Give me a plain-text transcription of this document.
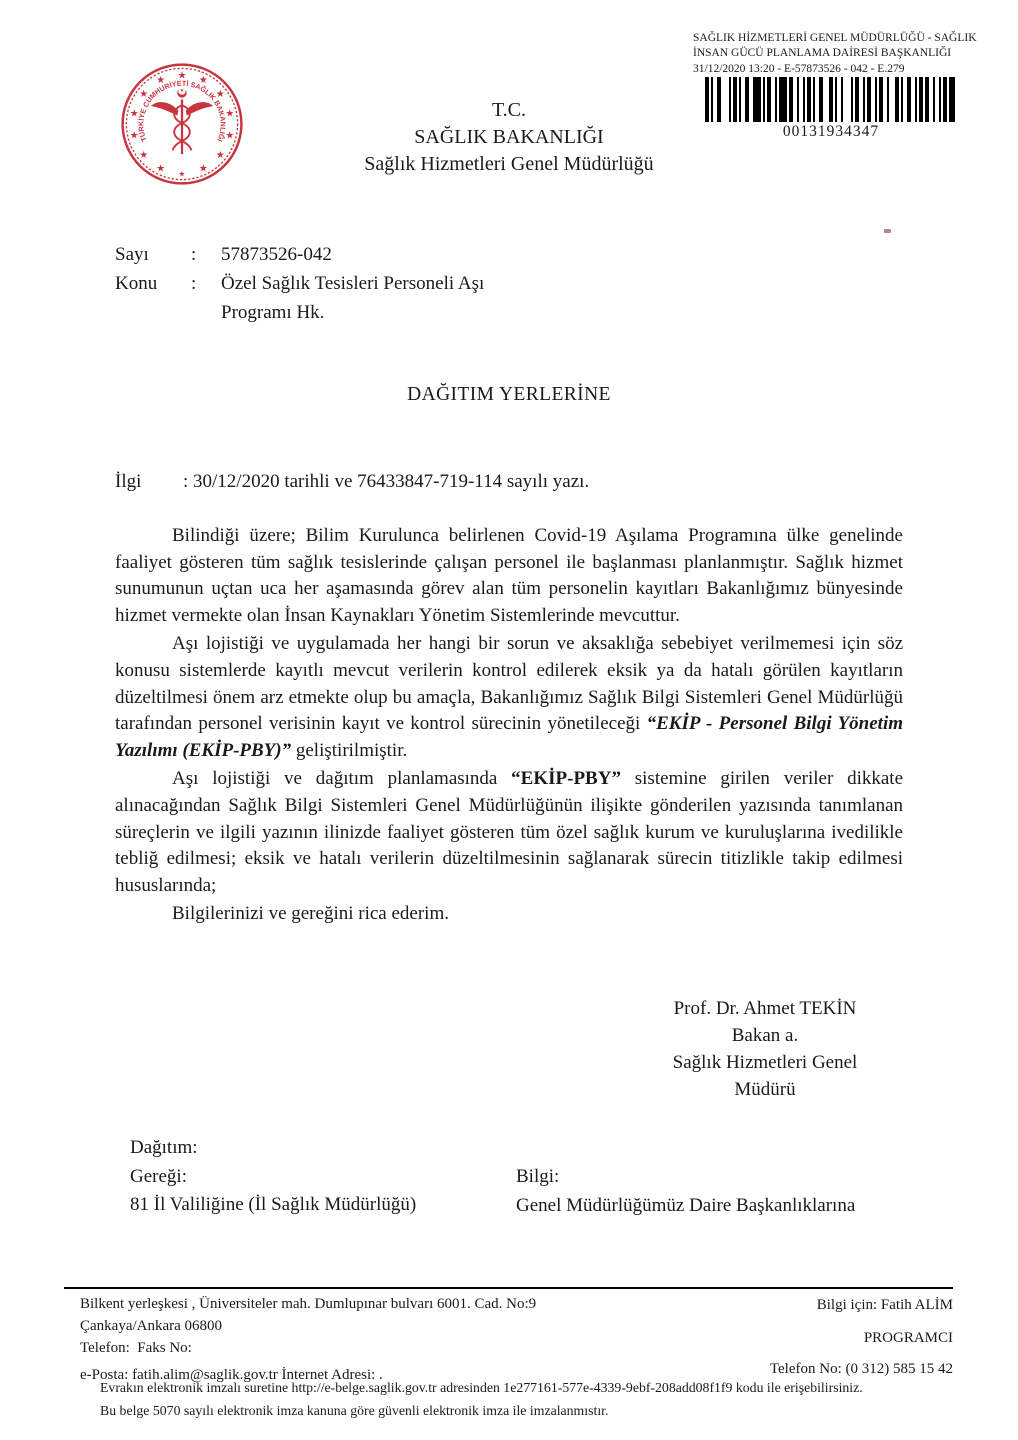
★ ★
★
★
★
★
★
★
★
★
★
★
★
★
TÜRKİYE CUMHURİYETİ SAĞLIK BAKANLIĞI
★
T.C.
SAĞLIK BAKANLIĞI
Sağlık Hizmetleri Genel Müdürlüğü
SAĞLIK HİZMETLERİ GENEL MÜDÜRLÜĞÜ - SAĞLIK
İNSAN GÜCÜ PLANLAMA DAİRESİ BAŞKANLIĞI
31/12/2020 13:20 - E-57873526 - 042 - E.279
00131934347
Sayı	:	57873526-042
Konu	:	Özel Sağlık Tesisleri Personeli Aşı
Programı Hk.
DAĞITIM YERLERİNE
İlgi	: 30/12/2020 tarihli ve 76433847-719-114 sayılı yazı.

Bilindiği üzere; Bilim Kurulunca belirlenen Covid-19 Aşılama Programına ülke genelinde faaliyet gösteren tüm sağlık tesislerinde çalışan personel ile başlanması planlanmıştır. Sağlık hizmet sunumunun uçtan uca her aşamasında görev alan tüm personelin kayıtları Bakanlığımız bünyesinde hizmet vermekte olan İnsan Kaynakları Yönetim Sistemlerinde mevcuttur.

Aşı lojistiği ve uygulamada her hangi bir sorun ve aksaklığa sebebiyet verilmemesi için söz konusu sistemlerde kayıtlı mevcut verilerin kontrol edilerek eksik ya da hatalı görülen kayıtların düzeltilmesi önem arz etmekte olup bu amaçla, Bakanlığımız Sağlık Bilgi Sistemleri Genel Müdürlüğü tarafından personel verisinin kayıt ve kontrol sürecinin yönetileceği “EKİP - Personel Bilgi Yönetim Yazılımı (EKİP-PBY)” geliştirilmiştir.

Aşı lojistiği ve dağıtım planlamasında “EKİP-PBY” sistemine girilen veriler dikkate alınacağından Sağlık Bilgi Sistemleri Genel Müdürlüğünün ilişikte gönderilen yazısında tanımlanan süreçlerin ve ilgili yazının ilinizde faaliyet gösteren tüm özel sağlık kurum ve kuruluşlarına ivedilikle tebliğ edilmesi; eksik ve hatalı verilerin düzeltilmesinin sağlanarak sürecin titizlikle takip edilmesi hususlarında;

Bilgilerinizi ve gereğini rica ederim.

Prof. Dr. Ahmet TEKİN
Bakan a.
Sağlık Hizmetleri Genel
Müdürü
Dağıtım:
Gereği:
81 İl Valiliğine (İl Sağlık Müdürlüğü)
Bilgi:
Genel Müdürlüğümüz Daire Başkanlıklarına
Bilkent yerleşkesi , Üniversiteler mah. Dumlupınar bulvarı 6001. Cad. No:9
Çankaya/Ankara 06800
Telefon:  Faks No:
e-Posta: fatih.alim@saglik.gov.tr İnternet Adresi: .
Bilgi için: Fatih ALİM
PROGRAMCI
Telefon No: (0 312) 585 15 42
Evrakın elektronik imzalı suretine http://e-belge.saglik.gov.tr adresinden 1e277161-577e-4339-9ebf-208add08f1f9 kodu ile erişebilirsiniz.
Bu belge 5070 sayılı elektronik imza kanuna göre güvenli elektronik imza ile imzalanmıstır.
